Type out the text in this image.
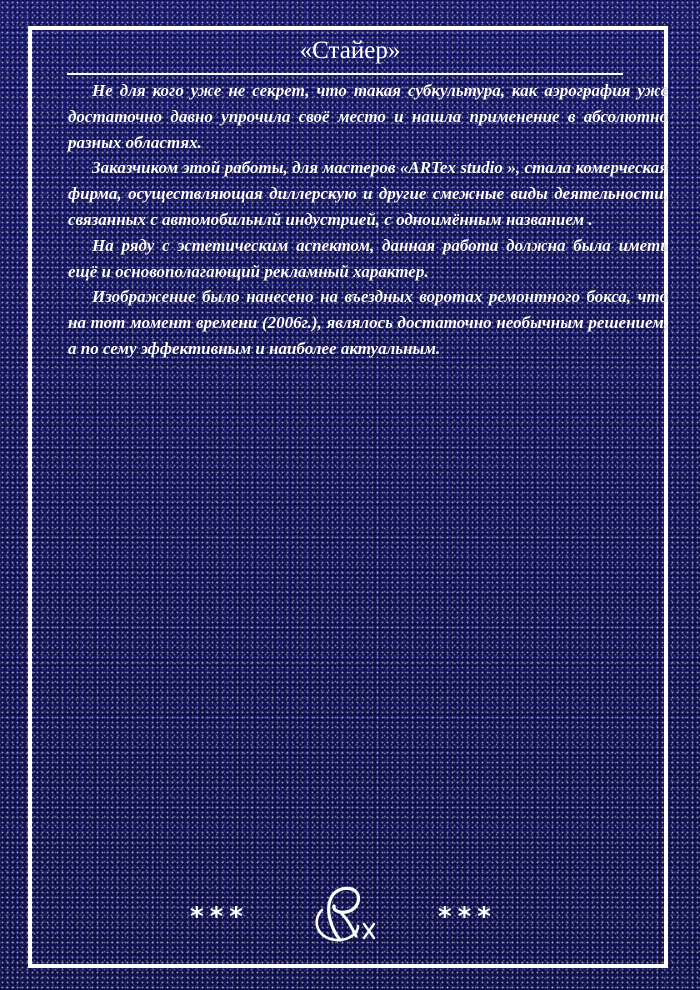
«Стайер»

Не для кого уже не секрет, что такая субкультура, как аэрография уже достаточно давно упрочила своё место и нашла применение в абсолютно разных областях.

Заказчиком этой работы, для мастеров «ARTex studio », стала комерческая фирма, осуществляющая диллерскую и другие смежные виды деятельности, связанных с автомобильнлй индустрией, с одноимённым названием .

На ряду с эстетическим аспектом, данная работа должна была иметь ещё и основополагающий рекламный характер.

Изображение было нанесено на въездных воротах ремонтного бокса, что на тот момент времени (2006г.), являлось достаточно необычным решением, а по сему эффективным и наиболее актуальным.

***	***
